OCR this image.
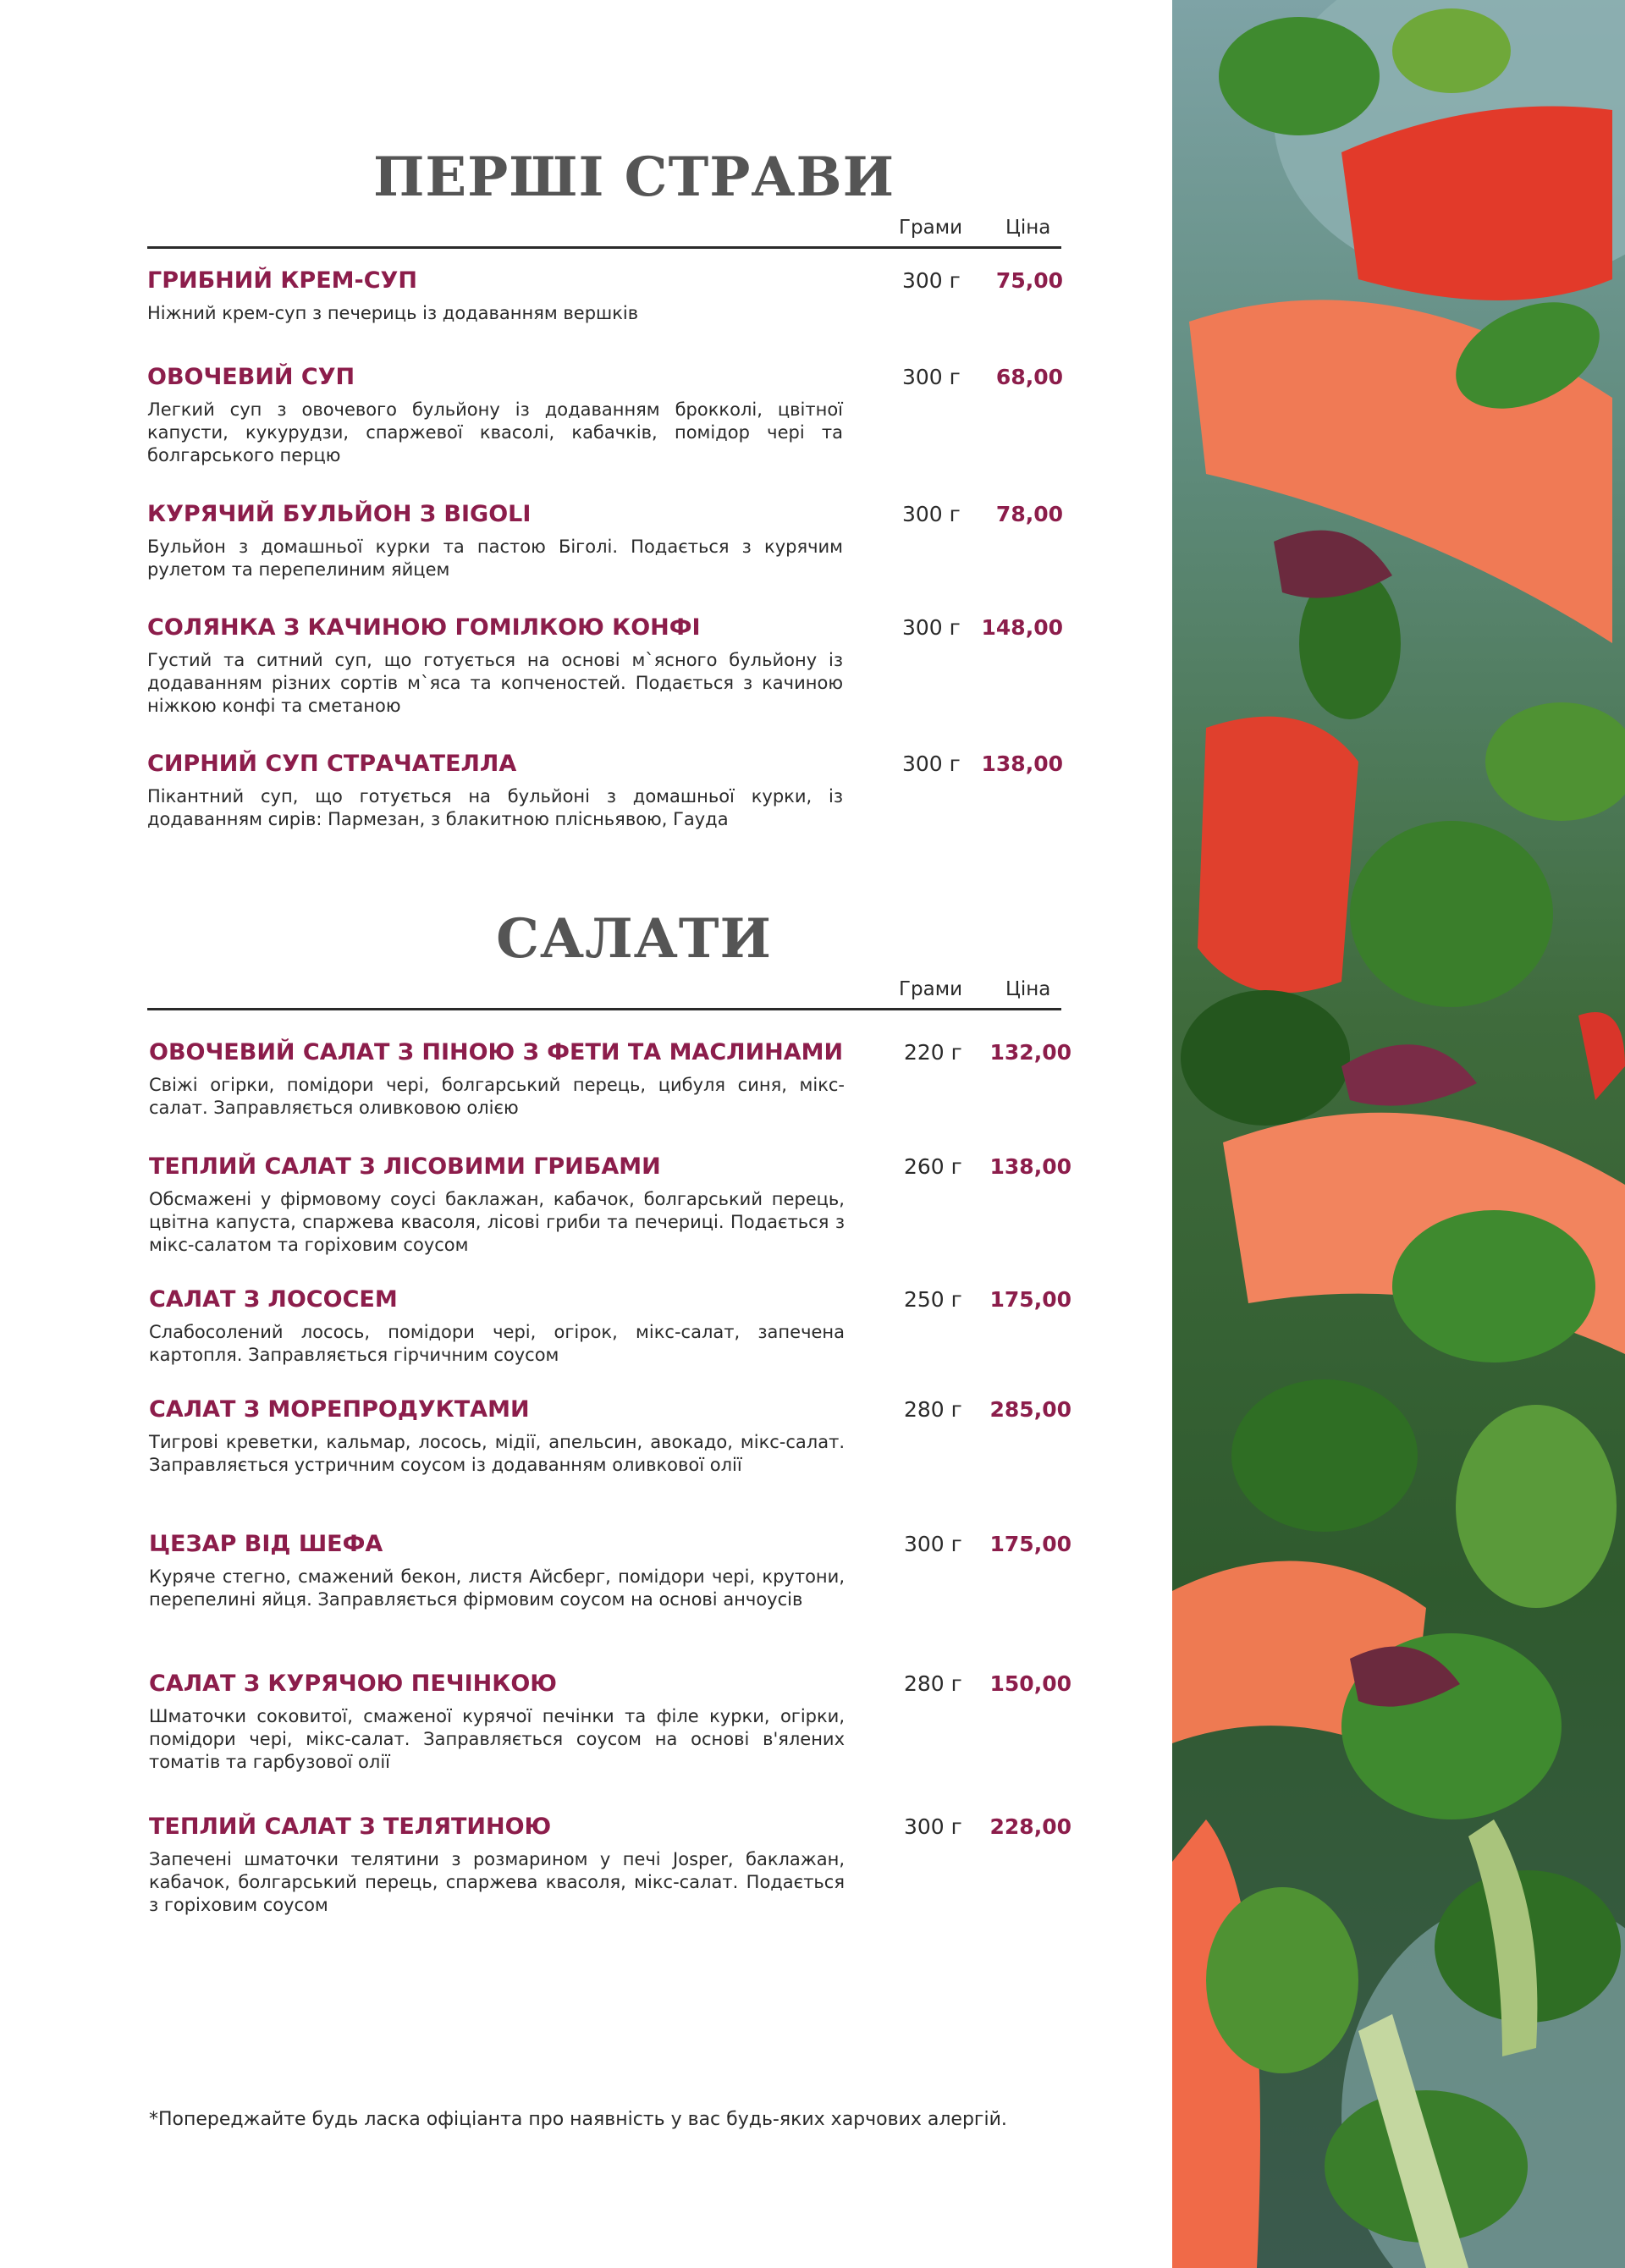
ПЕРШІ СТРАВИ
Грами Ціна
ГРИБНИЙ КРЕМ-СУП	300 г	75,00
Ніжний крем-суп з печериць із додаванням вершків
ОВОЧЕВИЙ СУП	300 г	68,00
Легкий суп з овочевого бульйону із додаванням брокколі, цвітної капусти, кукурудзи, спаржевої квасолі, кабачків, помідор чері та болгарського перцю
КУРЯЧИЙ БУЛЬЙОН З BIGOLI	300 г	78,00
Бульйон з домашньої курки та пастою Біголі. Подається з курячим рулетом та перепелиним яйцем
СОЛЯНКА З КАЧИНОЮ ГОМІЛКОЮ КОНФІ	300 г 148,00
Густий та ситний суп, що готується на основі м`ясного бульйону із додаванням різних сортів м`яса та копченостей. Подається з качиною ніжкою конфі та сметаною
СИРНИЙ СУП СТРАЧАТЕЛЛА	300 г 138,00
Пікантний суп, що готується на бульйоні з домашньої курки, із додаванням сирів: Пармезан, з блакитною плісньявою, Гауда
САЛАТИ
Грами Ціна
ОВОЧЕВИЙ САЛАТ З ПІНОЮ З ФЕТИ ТА МАСЛИНАМИ	220 г	132,00
Свіжі огірки, помідори чері, болгарський перець, цибуля синя, мікс-салат. Заправляється оливковою олією
ТЕПЛИЙ САЛАТ З ЛІСОВИМИ ГРИБАМИ	260 г	138,00
Обсмажені у фірмовому соусі баклажан, кабачок, болгарський перець, цвітна капуста, спаржева квасоля, лісові гриби та печериці. Подається з мікс-салатом та горіховим соусом
САЛАТ З ЛОСОСЕМ	250 г	175,00
Слабосолений лосось, помідори чері, огірок, мікс-салат, запечена картопля. Заправляється гірчичним соусом
САЛАТ З МОРЕПРОДУКТАМИ	280 г	285,00
Тигрові креветки, кальмар, лосось, мідії, апельсин, авокадо, мікс-салат. Заправляється устричним соусом із додаванням оливкової олії
ЦЕЗАР ВІД ШЕФА	300 г	175,00
Куряче стегно, смажений бекон, листя Айсберг, помідори чері, крутони, перепелині яйця. Заправляється фірмовим соусом на основі анчоусів
САЛАТ З КУРЯЧОЮ ПЕЧІНКОЮ	280 г	150,00
Шматочки соковитої, смаженої курячої печінки та філе курки, огірки, помідори чері, мікс-салат. Заправляється соусом на основі в'ялених томатів та гарбузової олії
ТЕПЛИЙ САЛАТ З ТЕЛЯТИНОЮ	300 г	228,00
Запечені шматочки телятини з розмарином у печі Josper, баклажан, кабачок, болгарський перець, спаржева квасоля, мікс-салат. Подається з горіховим соусом
*Попереджайте будь ласка офіціанта про наявність у вас будь-яких харчових алергій.
